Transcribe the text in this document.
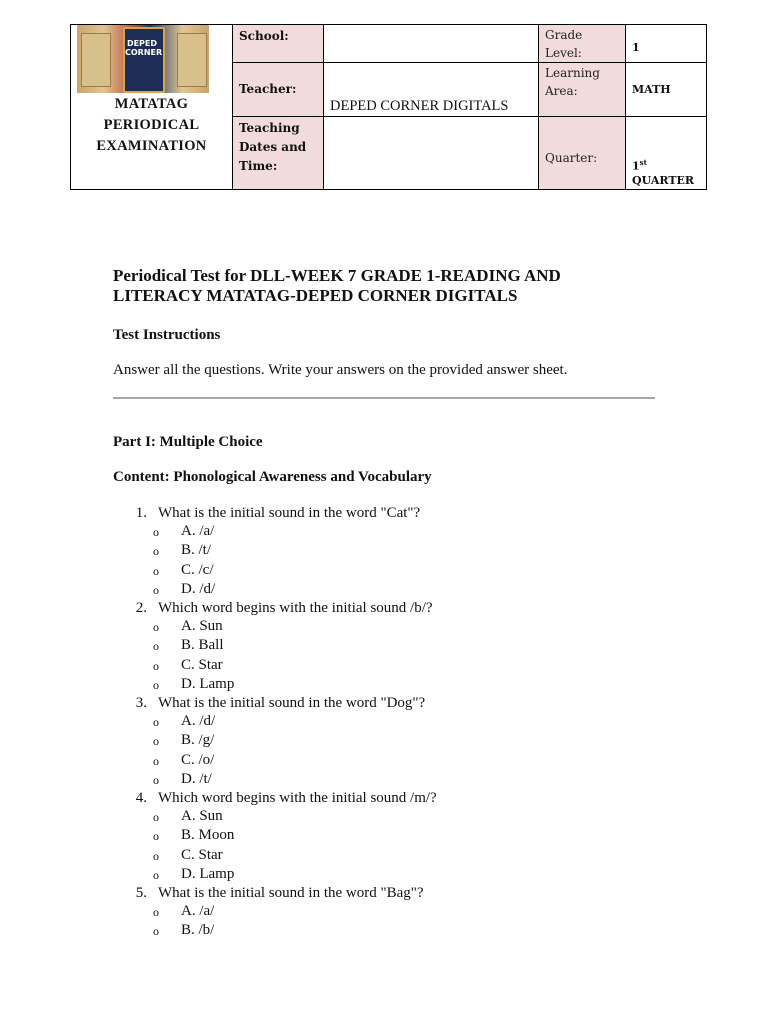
DEPED CORNER
MATATAG
PERIODICAL
EXAMINATION	School:		Grade Level:	1

	Teacher:	DEPED CORNER DIGITALS	Learning Area:	MATH

	Teaching Dates and Time:		Quarter:	1st
QUARTER
Periodical Test for DLL-WEEK 7 GRADE 1-READING AND
LITERACY MATATAG-DEPED CORNER DIGITALS
Test Instructions
Answer all the questions. Write your answers on the provided answer sheet.
Part I: Multiple Choice
Content: Phonological Awareness and Vocabulary
1. What is the initial sound in the word "Cat"?
o	A. /a/
o	B. /t/
o	C. /c/
o	D. /d/
2. Which word begins with the initial sound /b/?
o	A. Sun
o	B. Ball
o	C. Star
o	D. Lamp
3. What is the initial sound in the word "Dog"?
o	A. /d/
o	B. /g/
o	C. /o/
o	D. /t/
4. Which word begins with the initial sound /m/?
o	A. Sun
o	B. Moon
o	C. Star
o	D. Lamp
5. What is the initial sound in the word "Bag"?
o	A. /a/
o	B. /b/
